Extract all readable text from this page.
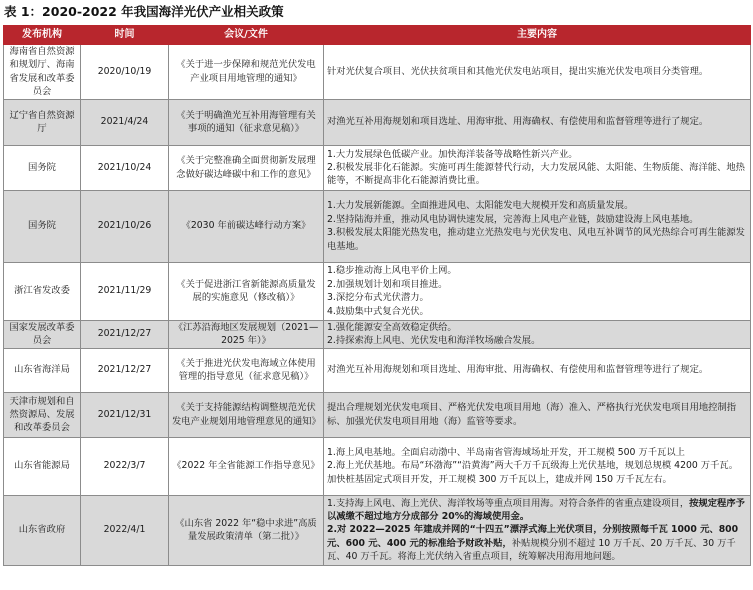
表 1：2020-2022 年我国海洋光伏产业相关政策
发布机构	时间	会议/文件	主要内容
海南省自然资源和规划厅、海南省发展和改革委员会	2020/10/19	《关于进一步保障和规范光伏发电产业项目用地管理的通知》	针对光伏复合项目、光伏扶贫项目和其他光伏发电站项目，提出实施光伏发电项目分类管理。

辽宁省自然资源厅	2021/4/24	《关于明确渔光互补用海管理有关事项的通知（征求意见稿）》	对渔光互补用海规划和项目选址、用海审批、用海确权、有偿使用和监督管理等进行了规定。

国务院	2021/10/24	《关于完整准确全面贯彻新发展理念做好碳达峰碳中和工作的意见》	1.大力发展绿色低碳产业。加快海洋装备等战略性新兴产业。
2.积极发展非化石能源。实施可再生能源替代行动，大力发展风能、太阳能、生物质能、海洋能、地热能等，不断提高非化石能源消费比重。

国务院	2021/10/26	《2030 年前碳达峰行动方案》	1.大力发展新能源。全面推进风电、太阳能发电大规模开发和高质量发展。
2.坚持陆海并重，推动风电协调快速发展，完善海上风电产业链，鼓励建设海上风电基地。
3.积极发展太阳能光热发电，推动建立光热发电与光伏发电、风电互补调节的风光热综合可再生能源发电基地。

浙江省发改委	2021/11/29	《关于促进浙江省新能源高质量发展的实施意见（修改稿）》	1.稳步推动海上风电平价上网。
2.加强规划计划和项目推进。
3.深挖分布式光伏潜力。
4.鼓励集中式复合光伏。

国家发展改革委员会	2021/12/27	《江苏沿海地区发展规划（2021—2025 年）》	1.强化能源安全高效稳定供给。
2.持探索海上风电、光伏发电和海洋牧场融合发展。

山东省海洋局	2021/12/27	《关于推进光伏发电海域立体使用管理的指导意见（征求意见稿）》	对渔光互补用海规划和项目选址、用海审批、用海确权、有偿使用和监督管理等进行了规定。

天津市规划和自然资源局、发展和改革委员会	2021/12/31	《关于支持能源结构调整规范光伏发电产业规划用地管理意见的通知》	提出合理规划光伏发电项目、严格光伏发电项目用地（海）准入、严格执行光伏发电项目用地控制指标、加强光伏发电项目用地（海）监管等要求。

山东省能源局	2022/3/7	《2022 年全省能源工作指导意见》	1.海上风电基地。全面启动渤中、半岛南省管海域场址开发，开工规模 500 万千瓦以上
2.海上光伏基地。布局“环渤海”“沿黄海”两大千万千瓦级海上光伏基地，规划总规模 4200 万千瓦。加快桩基固定式项目开发，开工规模 300 万千瓦以上，建成并网 150 万千瓦左右。

山东省政府	2022/4/1	《山东省 2022 年“稳中求进”高质量发展政策清单（第二批）》	1.支持海上风电、海上光伏、海洋牧场等重点项目用海。对符合条件的省重点建设项目，按规定程序予以减缴不超过地方分成部分 20%的海域使用金。
2.对 2022—2025 年建成并网的“十四五”漂浮式海上光伏项目，分别按照每千瓦 1000 元、800 元、600 元、400 元的标准给予财政补贴，补贴规模分别不超过 10 万千瓦、20 万千瓦、30 万千瓦、40 万千瓦。将海上光伏纳入省重点项目，统筹解决用海用地问题。
